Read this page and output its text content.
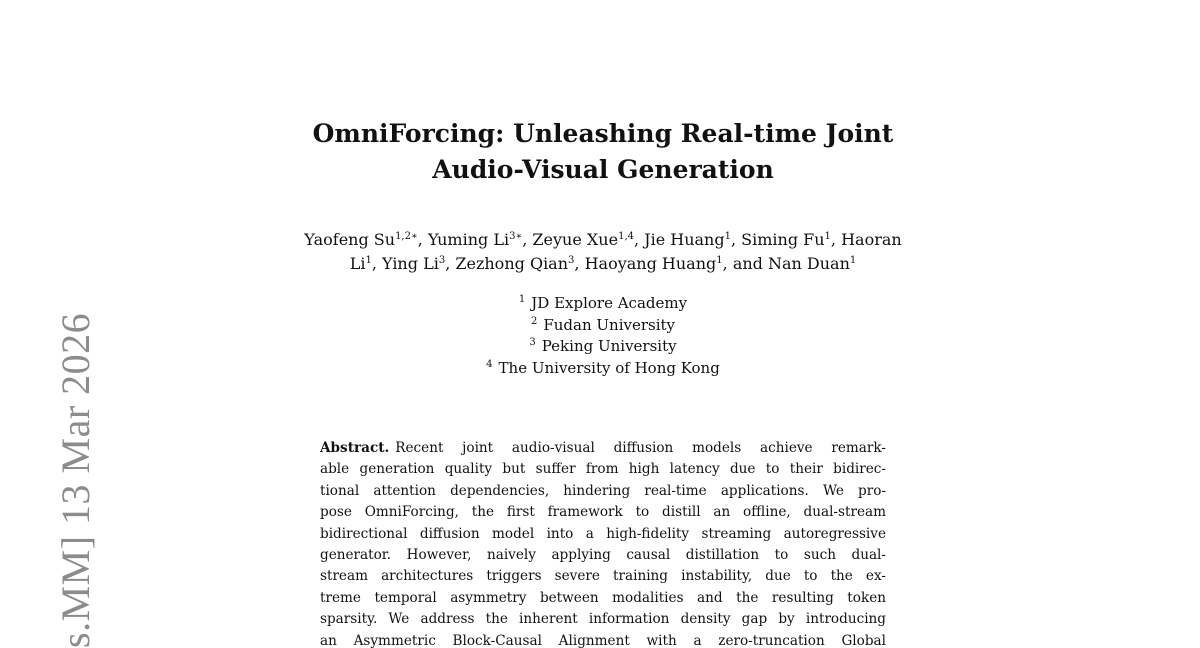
s.MM] 13 Mar 2026
OmniForcing: Unleashing Real-time Joint
Audio-Visual Generation
Yaofeng $Su^{1,2∗}$, Yuming $Li^{3∗}$, Zeyue Xue$^{1,4}$, Jie Huang$^1$, Siming Fu$^1$, Haoran
Li$^1$, Ying Li$^3$, Zezhong Qian$^3$, Haoyang Huang$^1$, and Nan Duan$^1$
$^1$ JD Explore Academy
$^2$ Fudan University
$^3$ Peking University
$^4$ The University of Hong Kong
Abstract. Recent joint audio-visual diffusion models achieve remark-
able generation quality but suffer from high latency due to their bidirec-
tional attention dependencies, hindering real-time applications. We pro-
pose OmniForcing, the first framework to distill an offline, dual-stream
bidirectional diffusion model into a high-fidelity streaming autoregressive
generator. However, naively applying causal distillation to such dual-
stream architectures triggers severe training instability, due to the ex-
treme temporal asymmetry between modalities and the resulting token
sparsity. We address the inherent information density gap by introducing
an Asymmetric Block-Causal Alignment with a zero-truncation Global
